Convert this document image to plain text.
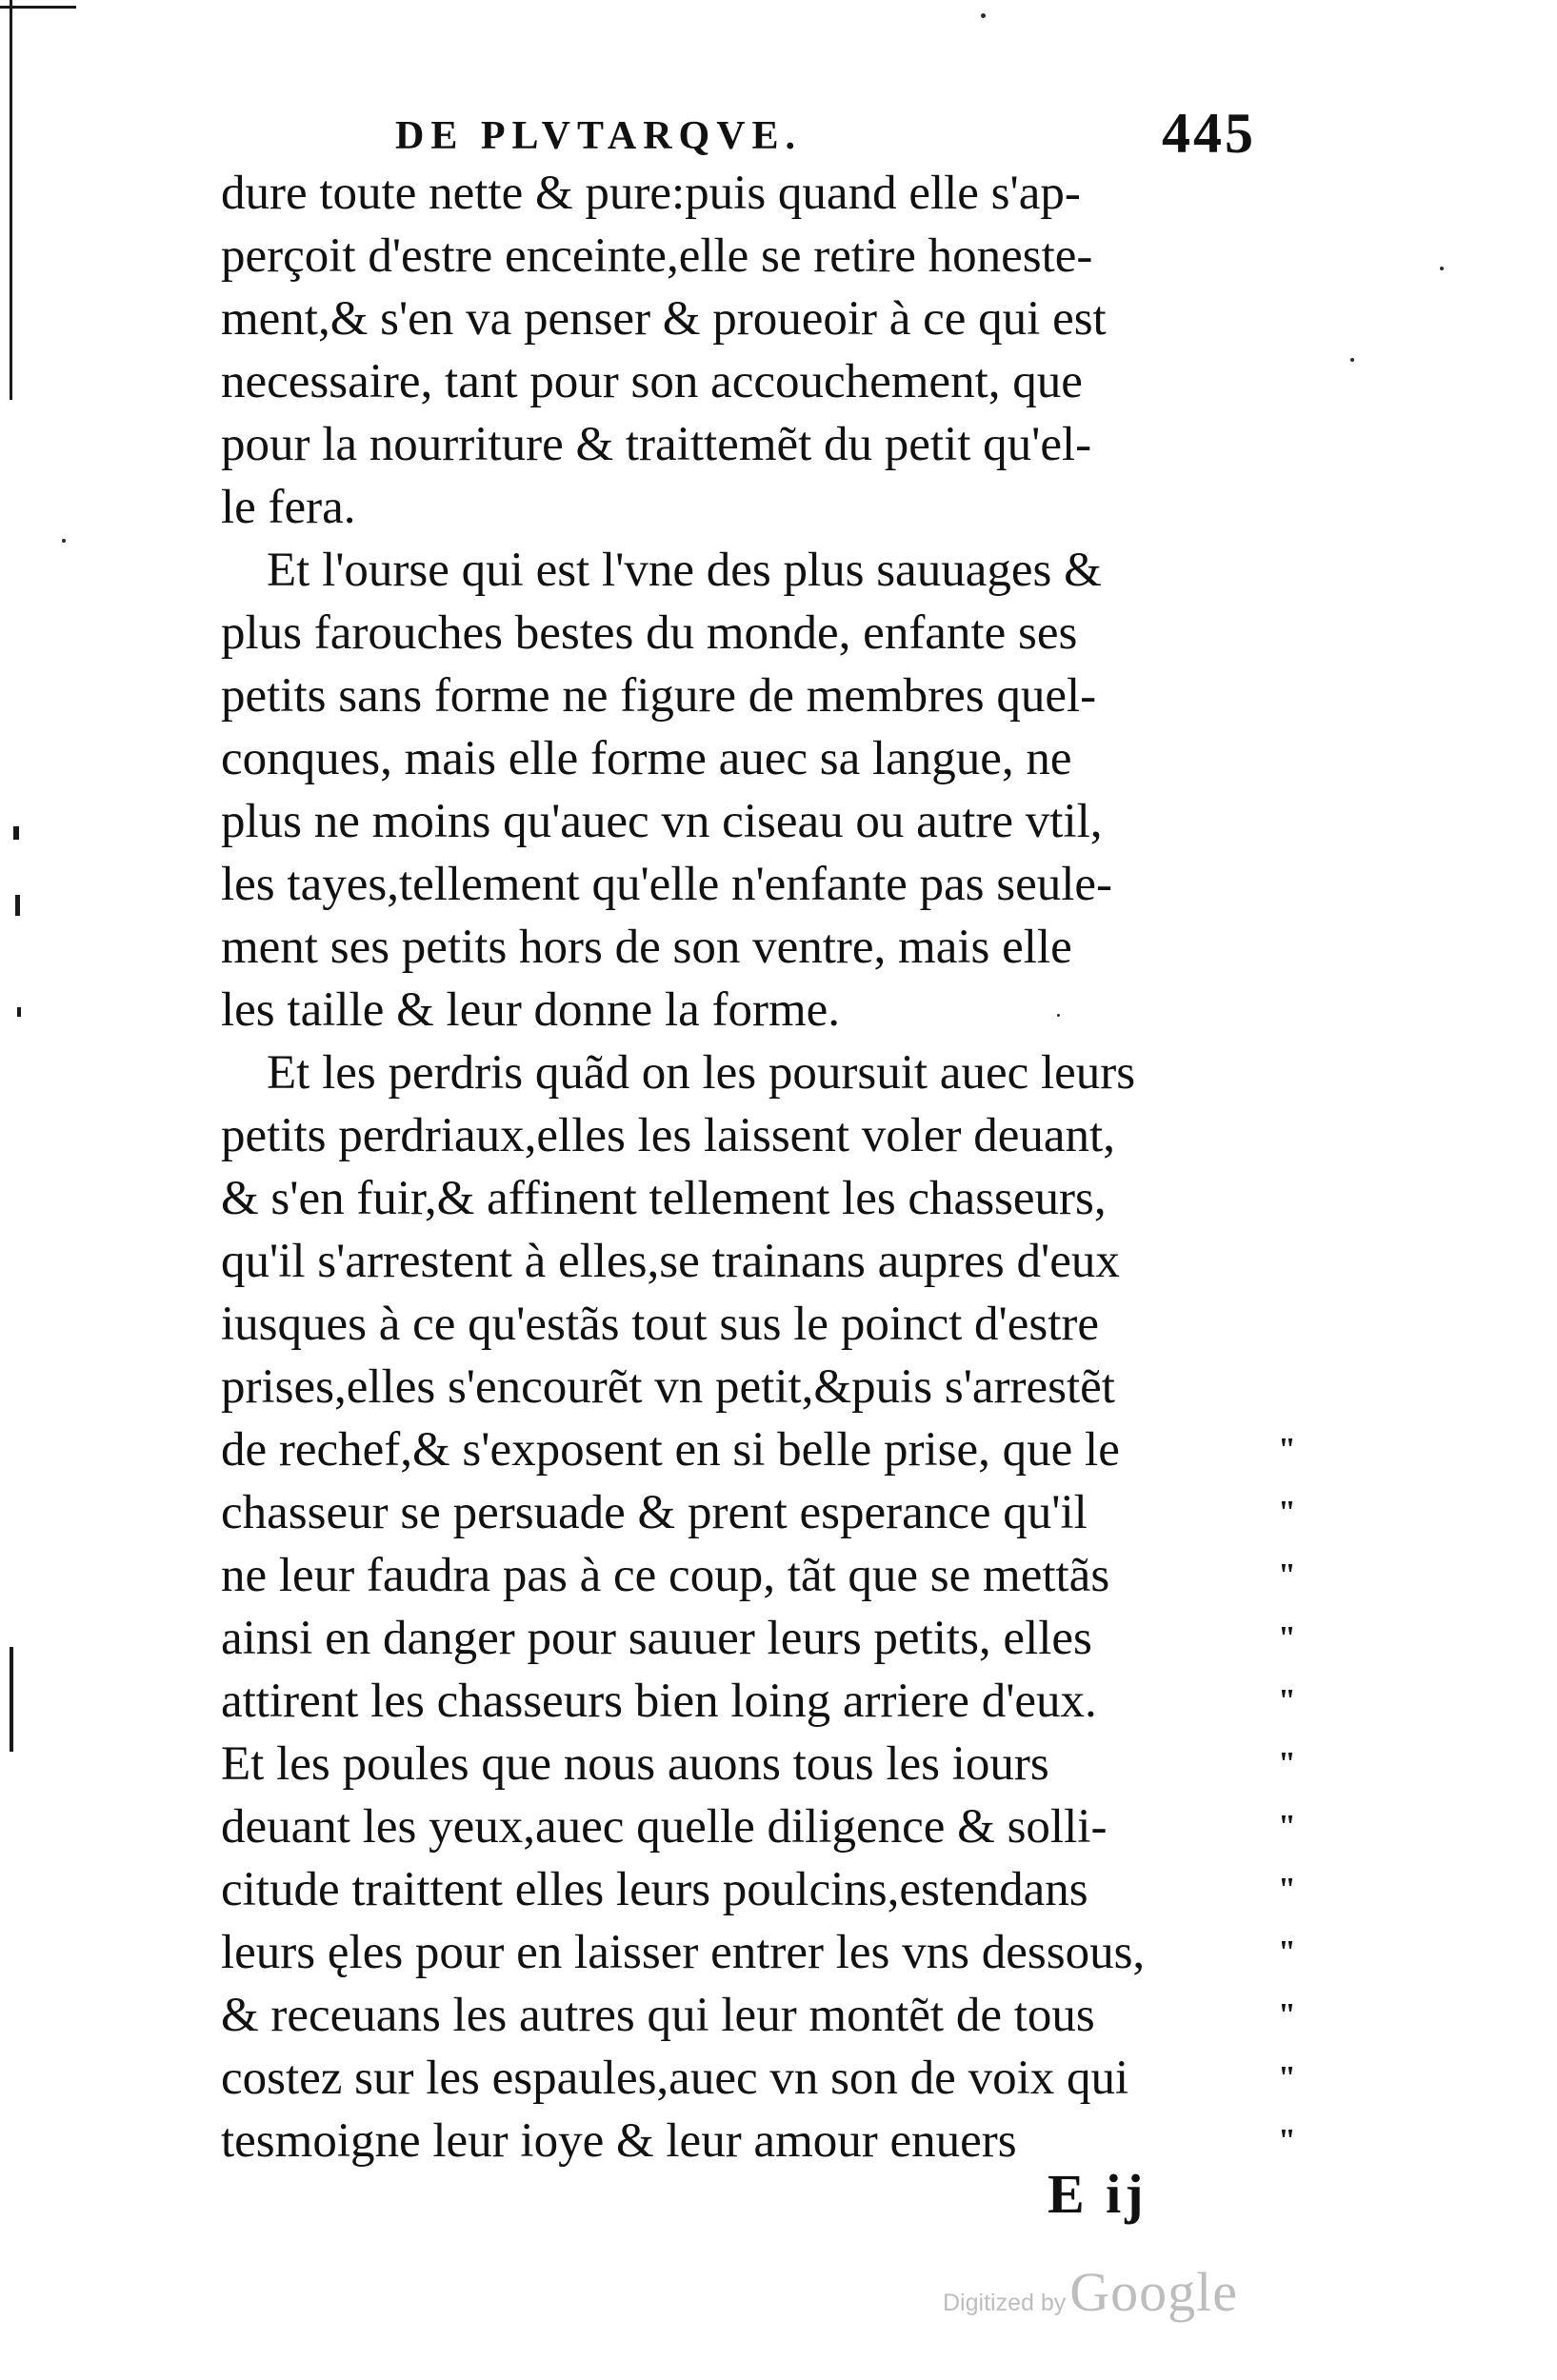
DE PLVTARQVE.	445
dure toute nette & pure:puis quand elle s'ap-
perçoit d'estre enceinte,elle se retire honeste-
ment,& s'en va penser & proueoir à ce qui est
necessaire, tant pour son accouchement, que
pour la nourriture & traittemẽt du petit qu'el-
le fera.
Et l'ourse qui est l'vne des plus sauuages &
plus farouches bestes du monde, enfante ses
petits sans forme ne figure de membres quel-
conques, mais elle forme auec sa langue, ne
plus ne moins qu'auec vn ciseau ou autre vtil,
les tayes,tellement qu'elle n'enfante pas seule-
ment ses petits hors de son ventre, mais elle
les taille & leur donne la forme.
Et les perdris quãd on les poursuit auec leurs
petits perdriaux,elles les laissent voler deuant,
& s'en fuir,& affinent tellement les chasseurs,
qu'il s'arrestent à elles,se trainans aupres d'eux
iusques à ce qu'estãs tout sus le poinct d'estre
prises,elles s'encourẽt vn petit,&puis s'arrestẽt
de rechef,& s'exposent en si belle prise, que le	"
chasseur se persuade & prent esperance qu'il	"
ne leur faudra pas à ce coup, tãt que se mettãs	"
ainsi en danger pour sauuer leurs petits, elles	"
attirent les chasseurs bien loing arriere d'eux.	"
Et les poules que nous auons tous les iours	"
deuant les yeux,auec quelle diligence & solli-	"
citude traittent elles leurs poulcins,estendans	"
leurs ęles pour en laisser entrer les vns dessous,	"
& receuans les autres qui leur montẽt de tous	"
costez sur les espaules,auec vn son de voix qui	"
tesmoigne leur ioye & leur amour enuers	"
E ij
Digitized by Google
